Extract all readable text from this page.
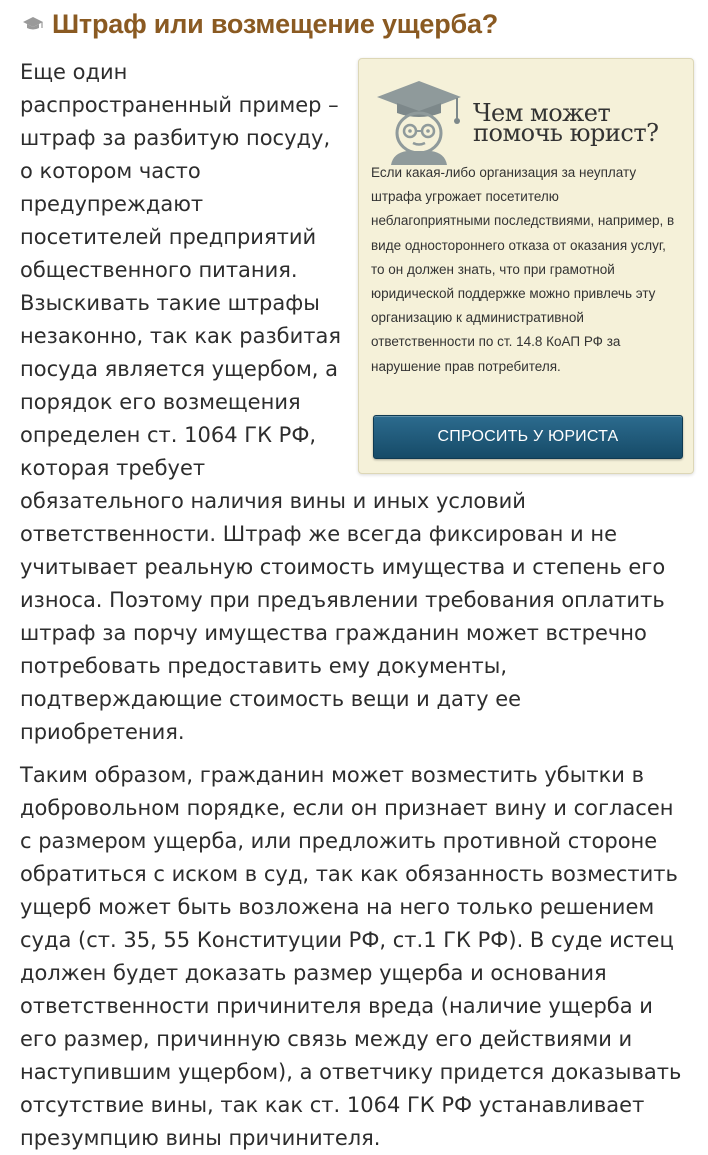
Штраф или возмещение ущерба?
Чем может
помочь юрист?
Если какая-либо организация за неуплату штрафа угрожает посетителю неблагоприятными последствиями, например, в виде одностороннего отказа от оказания услуг, то он должен знать, что при грамотной юридической поддержке можно привлечь эту организацию к административной ответственности по ст. 14.8 КоАП РФ за нарушение прав потребителя.
СПРОСИТЬ У ЮРИСТА

Еще один распространенный пример – штраф за разбитую посуду, о котором часто предупреждают посетителей предприятий общественного питания. Взыскивать такие штрафы незаконно, так как разбитая посуда является ущербом, а порядок его возмещения определен ст. 1064 ГК РФ, которая требует обязательного наличия вины и иных условий ответственности. Штраф же всегда фиксирован и не учитывает реальную стоимость имущества и степень его износа. Поэтому при предъявлении требования оплатить штраф за порчу имущества гражданин может встречно потребовать предоставить ему документы, подтверждающие стоимость вещи и дату ее приобретения.

Таким образом, гражданин может возместить убытки в добровольном порядке, если он признает вину и согласен с размером ущерба, или предложить противной стороне обратиться с иском в суд, так как обязанность возместить ущерб может быть возложена на него только решением суда (ст. 35, 55 Конституции РФ, ст.1 ГК РФ). В суде истец должен будет доказать размер ущерба и основания ответственности причинителя вреда (наличие ущерба и его размер, причинную связь между его действиями и наступившим ущербом), а ответчику придется доказывать отсутствие вины, так как ст. 1064 ГК РФ устанавливает презумпцию вины причинителя.
